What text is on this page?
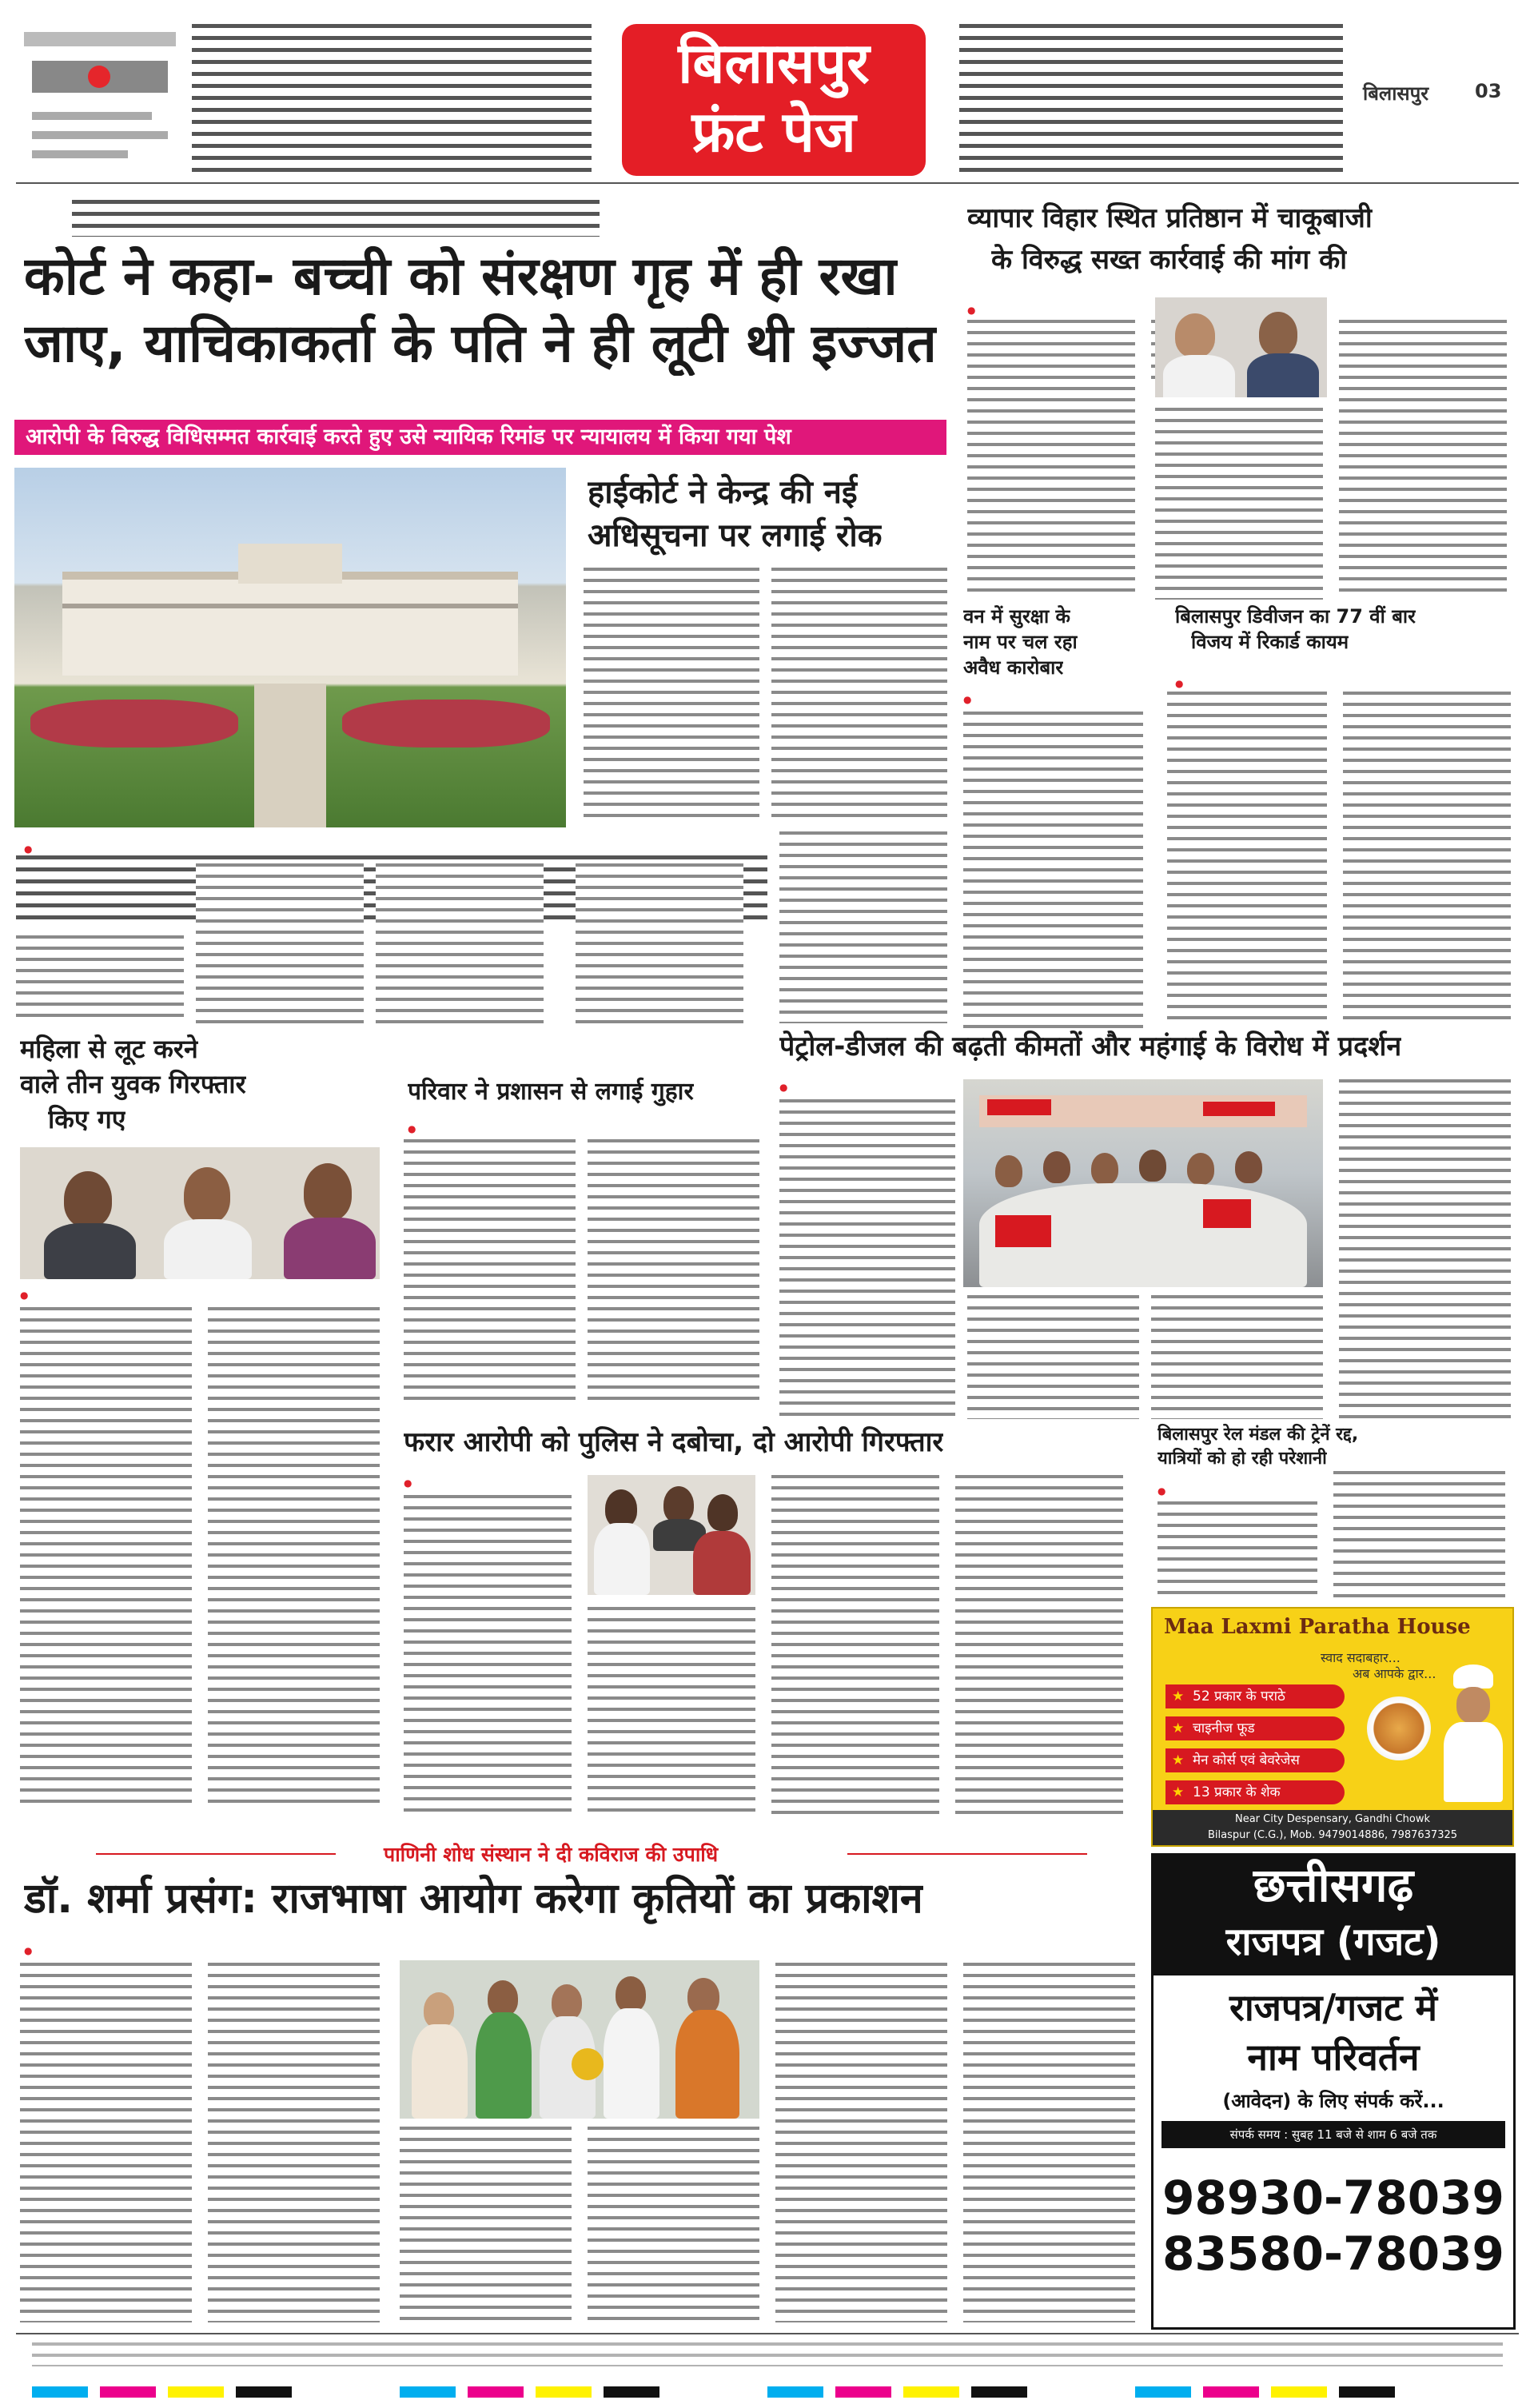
बिलासपुर
फ्रंट पेज
बिलासपुर 03
कोर्ट ने कहा- बच्ची को संरक्षण गृह में ही रखा
जाए, याचिकाकर्ता के पति ने ही लूटी थी इज्जत
आरोपी के विरुद्ध विधिसम्मत कार्रवाई करते हुए उसे न्यायिक रिमांड पर न्यायालय में किया गया पेश
हाईकोर्ट ने केन्द्र की नई
अधिसूचना पर लगाई रोक
●
व्यापार विहार स्थित प्रतिष्ठान में चाकूबाजी
के विरुद्ध सख्त कार्रवाई की मांग की
●
वन में सुरक्षा के
नाम पर चल रहा
अवैध कारोबार
●
बिलासपुर डिवीजन का 77 वीं बार
विजय में रिकार्ड कायम
●
महिला से लूट करने
वाले तीन युवक गिरफ्तार
किए गए
●
परिवार ने प्रशासन से लगाई गुहार
●
पेट्रोल-डीजल की बढ़ती कीमतों और महंगाई के विरोध में प्रदर्शन
●
फरार आरोपी को पुलिस ने दबोचा, दो आरोपी गिरफ्तार
●	बिलासपुर रेल मंडल की ट्रेनें रद्द,
यात्रियों को हो रही परेशानी
●
Maa Laxmi Paratha House
स्वाद सदाबहार...
अब आपके द्वार...
★ 52 प्रकार के पराठे
★ चाइनीज फूड
★ मेन कोर्स एवं बेवरेजेस
★ 13 प्रकार के शेक
Near City Despensary, Gandhi Chowk
Bilaspur (C.G.), Mob. 9479014886, 7987637325
पाणिनी शोध संस्थान ने दी कविराज की उपाधि
डॉ. शर्मा प्रसंग: राजभाषा आयोग करेगा कृतियों का प्रकाशन
●	छत्तीसगढ़
राजपत्र (गजट)
राजपत्र/गजट में
नाम परिवर्तन
(आवेदन) के लिए संपर्क करें...
संपर्क समय : सुबह 11 बजे से शाम 6 बजे तक
98930-78039
83580-78039
